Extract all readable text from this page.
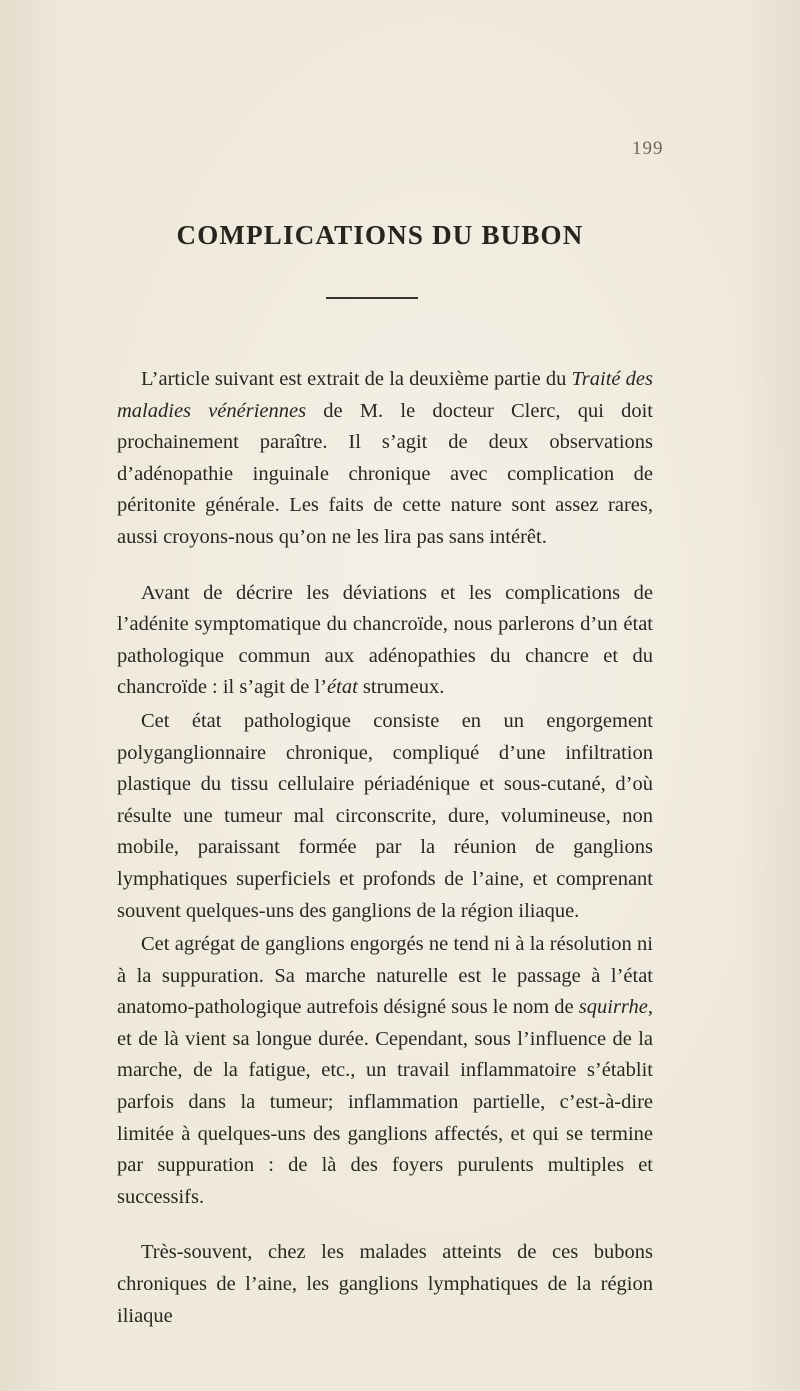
199
COMPLICATIONS DU BUBON

L’article suivant est extrait de la deuxième partie du Traité des maladies vénériennes de M. le docteur Clerc, qui doit prochainement paraître. Il s’agit de deux observations d’adénopathie inguinale chronique avec complication de péritonite générale. Les faits de cette nature sont assez rares, aussi croyons-nous qu’on ne les lira pas sans intérêt.

Avant de décrire les déviations et les complications de l’adénite symptomatique du chancroïde, nous parlerons d’un état pathologique commun aux adénopathies du chancre et du chancroïde : il s’agit de l’état strumeux.

Cet état pathologique consiste en un engorgement polyganglionnaire chronique, compliqué d’une infiltration plastique du tissu cellulaire périadénique et sous-cutané, d’où résulte une tumeur mal circonscrite, dure, volumineuse, non mobile, paraissant formée par la réunion de ganglions lymphatiques superficiels et profonds de l’aine, et comprenant souvent quelques-uns des ganglions de la région iliaque.

Cet agrégat de ganglions engorgés ne tend ni à la résolution ni à la suppuration. Sa marche naturelle est le passage à l’état anatomo-pathologique autrefois désigné sous le nom de squirrhe, et de là vient sa longue durée. Cependant, sous l’influence de la marche, de la fatigue, etc., un travail inflammatoire s’établit parfois dans la tumeur; inflammation partielle, c’est-à-dire limitée à quelques-uns des ganglions affectés, et qui se termine par suppuration : de là des foyers purulents multiples et successifs.

Très-souvent, chez les malades atteints de ces bubons chroniques de l’aine, les ganglions lymphatiques de la région iliaque
